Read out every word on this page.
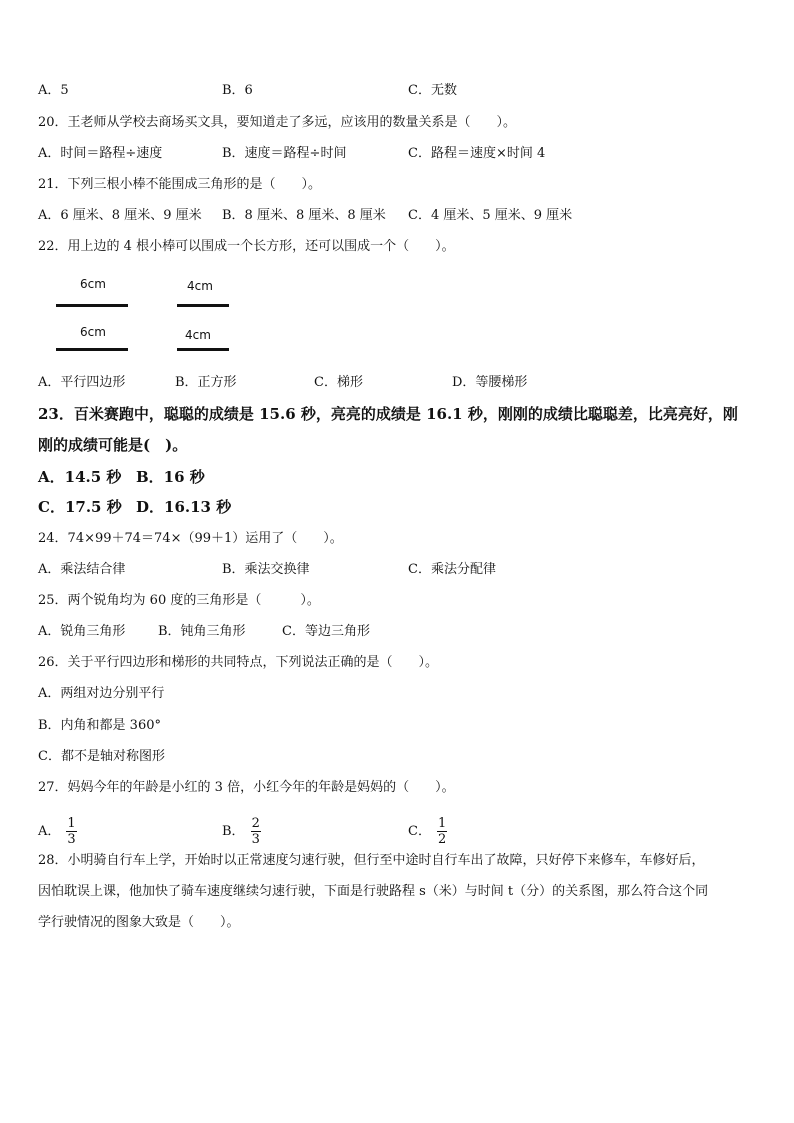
A．5	B．6	C．无数
20．王老师从学校去商场买文具，要知道走了多远，应该用的数量关系是（　　）。
A．时间＝路程÷速度	B．速度＝路程÷时间	C．路程＝速度×时间 4
21．下列三根小棒不能围成三角形的是（　　）。
A．6 厘米、8 厘米、9 厘米 B．8 厘米、8 厘米、8 厘米 C．4 厘米、5 厘米、9 厘米
22．用上边的 4 根小棒可以围成一个长方形，还可以围成一个（　　）。
6cm
6cm
4cm
4cm
A．平行四边形	B．正方形	C．梯形	D．等腰梯形
23．百米赛跑中，聪聪的成绩是 15.6 秒，亮亮的成绩是 16.1 秒，刚刚的成绩比聪聪差，比亮亮好，刚
刚的成绩可能是(　)。
A．14.5 秒 B．16 秒
C．17.5 秒 D．16.13 秒
24．74×99＋74＝74×（99＋1）运用了（　　）。
A．乘法结合律	B．乘法交换律	C．乘法分配律
25．两个锐角均为 60 度的三角形是（　　　）。
A．锐角三角形	B．钝角三角形	C．等边三角形
26．关于平行四边形和梯形的共同特点，下列说法正确的是（　　）。
A．两组对边分别平行
B．内角和都是 360°
C．都不是轴对称图形
27．妈妈今年的年龄是小红的 3 倍，小红今年的年龄是妈妈的（　　）。
A． $\frac{1}{3}$	B． $\frac{2}{3}$	C． $\frac{1}{2}$
28．小明骑自行车上学，开始时以正常速度匀速行驶，但行至中途时自行车出了故障，只好停下来修车，车修好后，
因怕耽误上课，他加快了骑车速度继续匀速行驶，下面是行驶路程 s（米）与时间 t（分）的关系图，那么符合这个同
学行驶情况的图象大致是（　　）。
